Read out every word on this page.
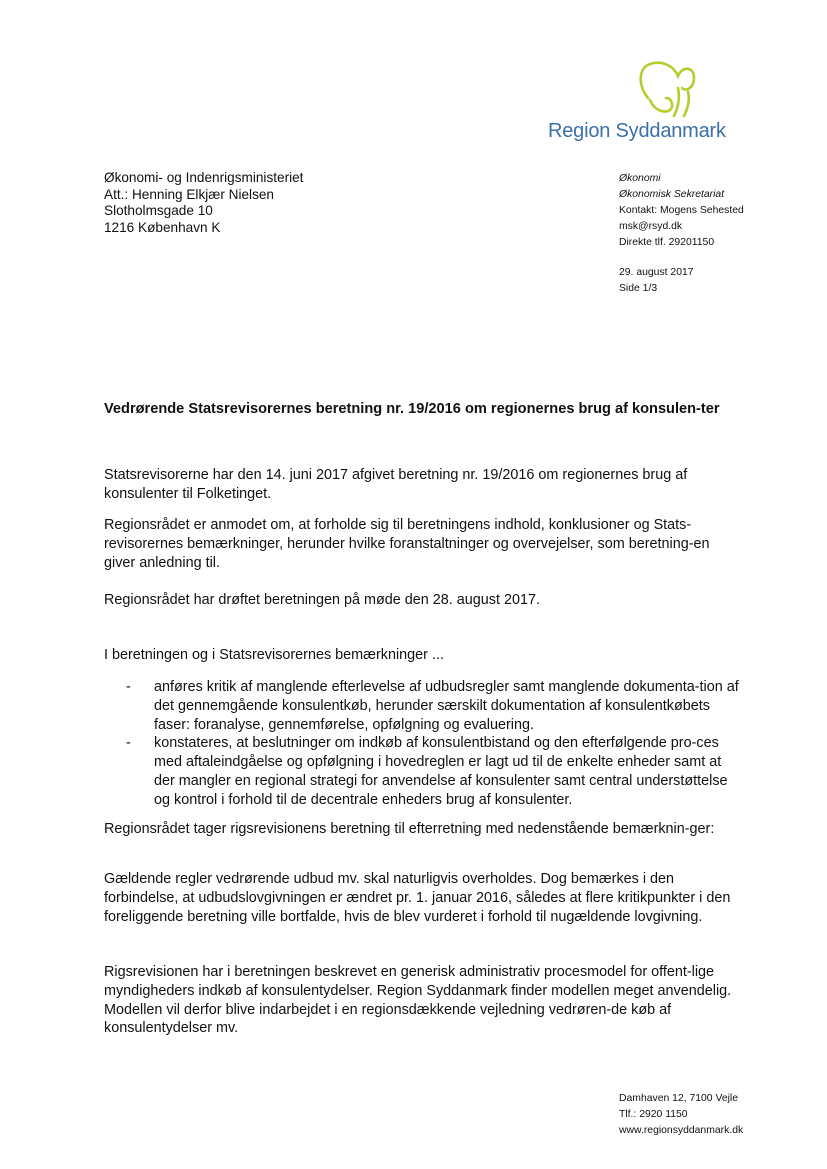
Region Syddanmark
Økonomi- og Indenrigsministeriet
Att.: Henning Elkjær Nielsen
Slotholmsgade 10
1216 København K
Økonomi
Økonomisk Sekretariat
Kontakt: Mogens Sehested
msk@rsyd.dk
Direkte tlf. 29201150
29. august 2017
Side 1/3
Vedrørende Statsrevisorernes beretning nr. 19/2016 om regionernes brug af konsulen-ter
Statsrevisorerne har den 14. juni 2017 afgivet beretning nr. 19/2016 om regionernes brug af konsulenter til Folketinget.
Regionsrådet er anmodet om, at forholde sig til beretningens indhold, konklusioner og Stats-revisorernes bemærkninger, herunder hvilke foranstaltninger og overvejelser, som beretning-en giver anledning til.
Regionsrådet har drøftet beretningen på møde den 28. august 2017.
I beretningen og i Statsrevisorernes bemærkninger ...
- anføres kritik af manglende efterlevelse af udbudsregler samt manglende dokumenta-tion af det gennemgående konsulentkøb, herunder særskilt dokumentation af konsulentkøbets faser: foranalyse, gennemførelse, opfølgning og evaluering.
- konstateres, at beslutninger om indkøb af konsulentbistand og den efterfølgende pro-ces med aftaleindgåelse og opfølgning i hovedreglen er lagt ud til de enkelte enheder samt at der mangler en regional strategi for anvendelse af konsulenter samt central understøttelse og kontrol i forhold til de decentrale enheders brug af konsulenter.
Regionsrådet tager rigsrevisionens beretning til efterretning med nedenstående bemærknin-ger:
Gældende regler vedrørende udbud mv. skal naturligvis overholdes. Dog bemærkes i den forbindelse, at udbudslovgivningen er ændret pr. 1. januar 2016, således at flere kritikpunkter i den foreliggende beretning ville bortfalde, hvis de blev vurderet i forhold til nugældende lovgivning.
Rigsrevisionen har i beretningen beskrevet en generisk administrativ procesmodel for offent-lige myndigheders indkøb af konsulentydelser. Region Syddanmark finder modellen meget anvendelig. Modellen vil derfor blive indarbejdet i en regionsdækkende vejledning vedrøren-de køb af konsulentydelser mv.
Damhaven 12, 7100 Vejle
Tlf.: 2920 1150
www.regionsyddanmark.dk
